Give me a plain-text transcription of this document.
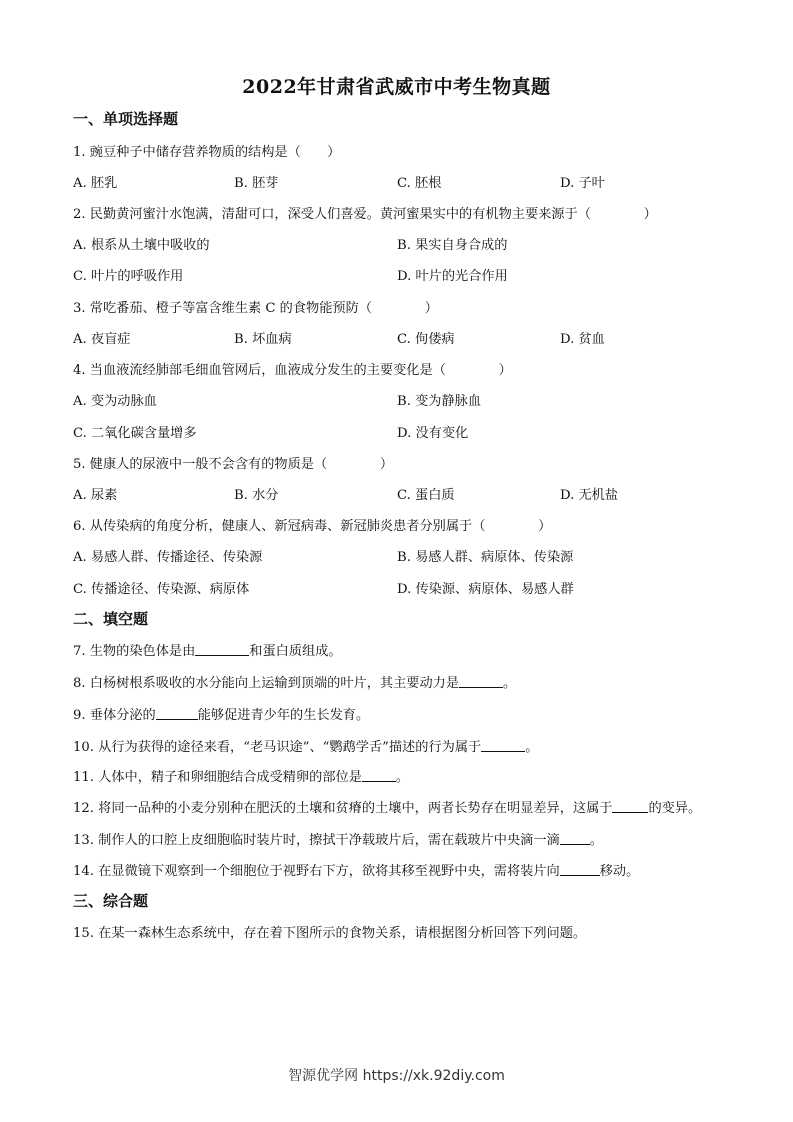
2022年甘肃省武威市中考生物真题
一、单项选择题
1. 豌豆种子中储存营养物质的结构是（　　）
A. 胚乳	B. 胚芽	C. 胚根	D. 子叶
2. 民勤黄河蜜汁水饱满，清甜可口，深受人们喜爱。黄河蜜果实中的有机物主要来源于（　　　　）
A. 根系从土壤中吸收的	B. 果实自身合成的
C. 叶片的呼吸作用	D. 叶片的光合作用
3. 常吃番茄、橙子等富含维生素 C 的食物能预防（　　　　）
A. 夜盲症	B. 坏血病	C. 佝偻病	D. 贫血
4. 当血液流经肺部毛细血管网后，血液成分发生的主要变化是（　　　　）
A. 变为动脉血	B. 变为静脉血
C. 二氧化碳含量增多	D. 没有变化
5. 健康人的尿液中一般不会含有的物质是（　　　　）
A. 尿素	B. 水分	C. 蛋白质	D. 无机盐
6. 从传染病的角度分析，健康人、新冠病毒、新冠肺炎患者分别属于（　　　　）
A. 易感人群、传播途径、传染源	B. 易感人群、病原体、传染源
C. 传播途径、传染源、病原体	D. 传染源、病原体、易感人群
二、填空题
7. 生物的染色体是由	和蛋白质组成。
8. 白杨树根系吸收的水分能向上运输到顶端的叶片，其主要动力是	。
9. 垂体分泌的	能够促进青少年的生长发育。
10. 从行为获得的途径来看，“老马识途”、“鹦鹉学舌”描述的行为属于	。
11. 人体中，精子和卵细胞结合成受精卵的部位是	。
12. 将同一品种的小麦分别种在肥沃的土壤和贫瘠的土壤中，两者长势存在明显差异，这属于	的变异。
13. 制作人的口腔上皮细胞临时装片时，擦拭干净载玻片后，需在载玻片中央滴一滴 。
14. 在显微镜下观察到一个细胞位于视野右下方，欲将其移至视野中央，需将装片向	移动。
三、综合题
15. 在某一森林生态系统中，存在着下图所示的食物关系，请根据图分析回答下列问题。
智源优学网 https://xk.92diy.com
